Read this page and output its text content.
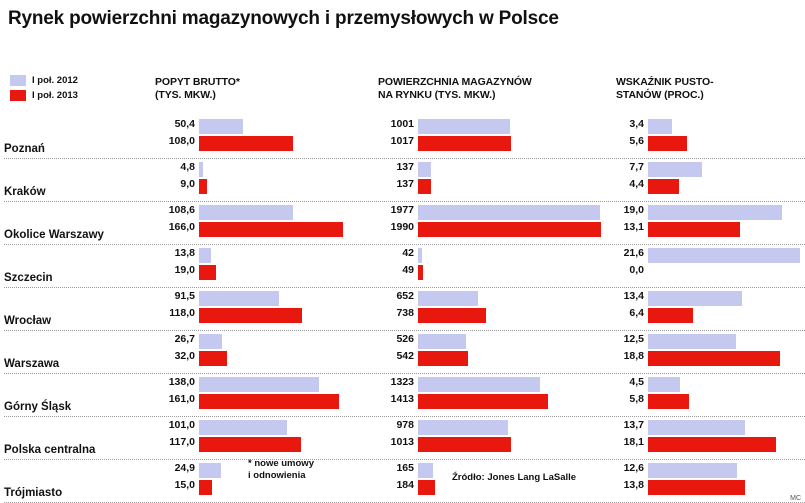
Rynek powierzchni magazynowych i przemysłowych w Polsce
I poł. 2012
I poł. 2013
POPYT BRUTTO*
(TYS. MKW.)
POWIERZCHNIA MAGAZYNÓW
NA RYNKU (TYS. MKW.)
WSKAŹNIK PUSTO-
STANÓW (PROC.)
Poznań
50,4
108,0
1001
1017
3,4
5,6
Kraków
4,8
9,0
137
137
7,7
4,4
Okolice Warszawy
108,6
166,0
1977
1990
19,0
13,1
Szczecin
13,8
19,0
42
49
21,6
0,0
Wrocław
91,5
118,0
652
738
13,4
6,4
Warszawa
26,7
32,0
526
542
12,5
18,8
Górny Śląsk
138,0
161,0
1323
1413
4,5
5,8
Polska centralna
101,0
117,0
978
1013
13,7
18,1
Trójmiasto
24,9
15,0
165
184
12,6
13,8
* nowe umowy
i odnowienia	Źródło: Jones Lang LaSalle
MC
